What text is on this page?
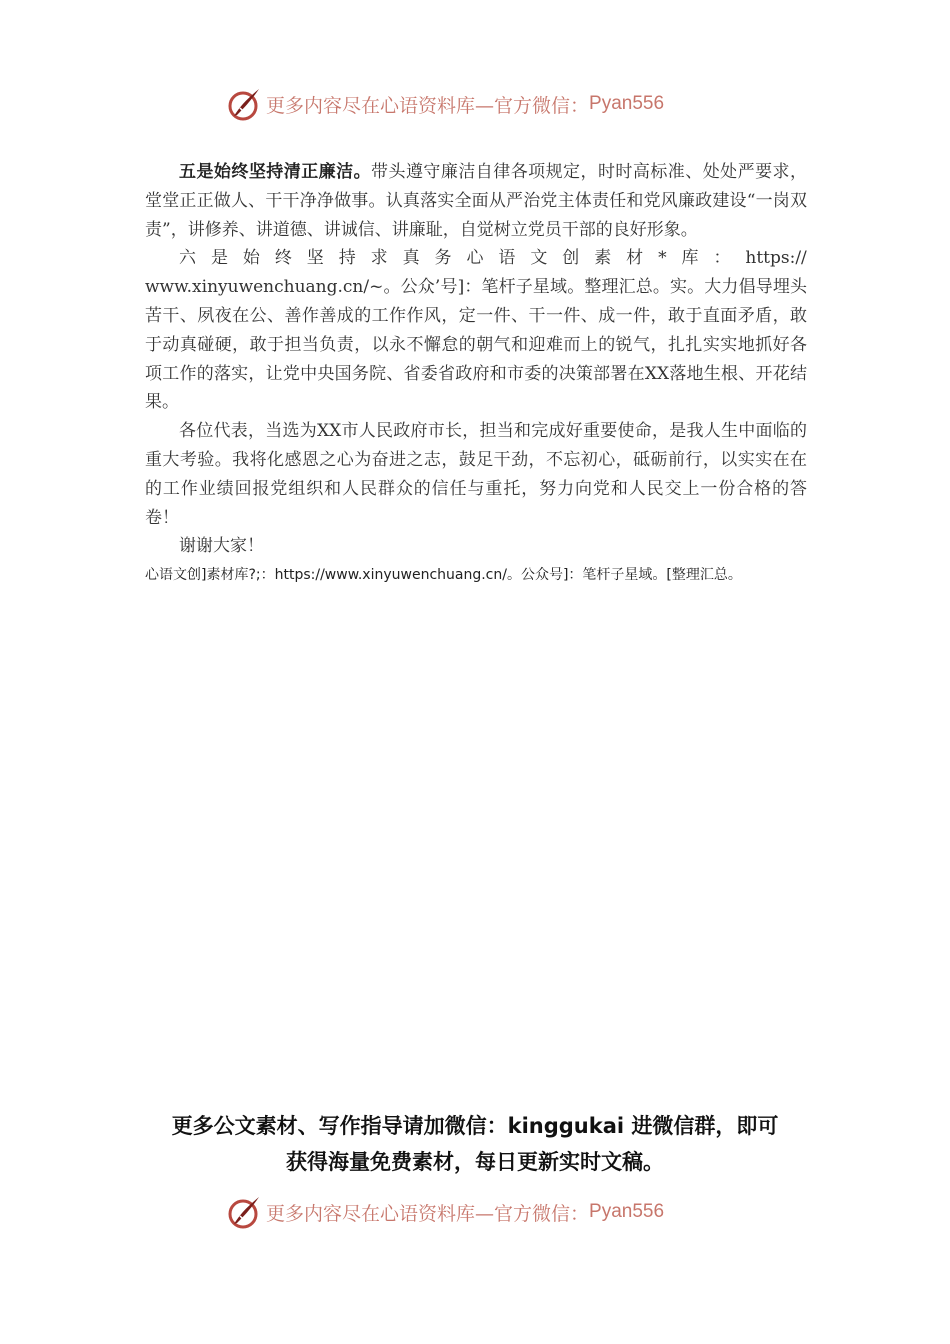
更多内容尽在心语资料库—官方微信： Pyan556

五是始终坚持清正廉洁。带头遵守廉洁自律各项规定，时时高标准、处处严要求，堂堂正正做人、干干净净做事。认真落实全面从严治党主体责任和党风廉政建设“一岗双责”，讲修养、讲道德、讲诚信、讲廉耻，自觉树立党员干部的良好形象。

六 是 始 终 坚 持 求 真 务 心 语 文 创 素 材 * 库 ： https://

www.xinyuwenchuang.cn/~。公众’号]：笔杆子星域。整理汇总。实。大力倡导埋头苦干、夙夜在公、善作善成的工作作风，定一件、干一件、成一件，敢于直面矛盾，敢于动真碰硬，敢于担当负责，以永不懈怠的朝气和迎难而上的锐气，扎扎实实地抓好各项工作的落实，让党中央国务院、省委省政府和市委的决策部署在XX落地生根、开花结果。

各位代表，当选为XX市人民政府市长，担当和完成好重要使命，是我人生中面临的重大考验。我将化感恩之心为奋进之志，鼓足干劲，不忘初心，砥砺前行，以实实在在的工作业绩回报党组织和人民群众的信任与重托，努力向党和人民交上一份合格的答卷！

谢谢大家！

心语文创]素材库?;：https://www.xinyuwenchuang.cn/。公众号]：笔杆子星域。[整理汇总。

更多公文素材、写作指导请加微信：kinggukai 进微信群，即可
获得海量免费素材，每日更新实时文稿。
更多内容尽在心语资料库—官方微信： Pyan556
